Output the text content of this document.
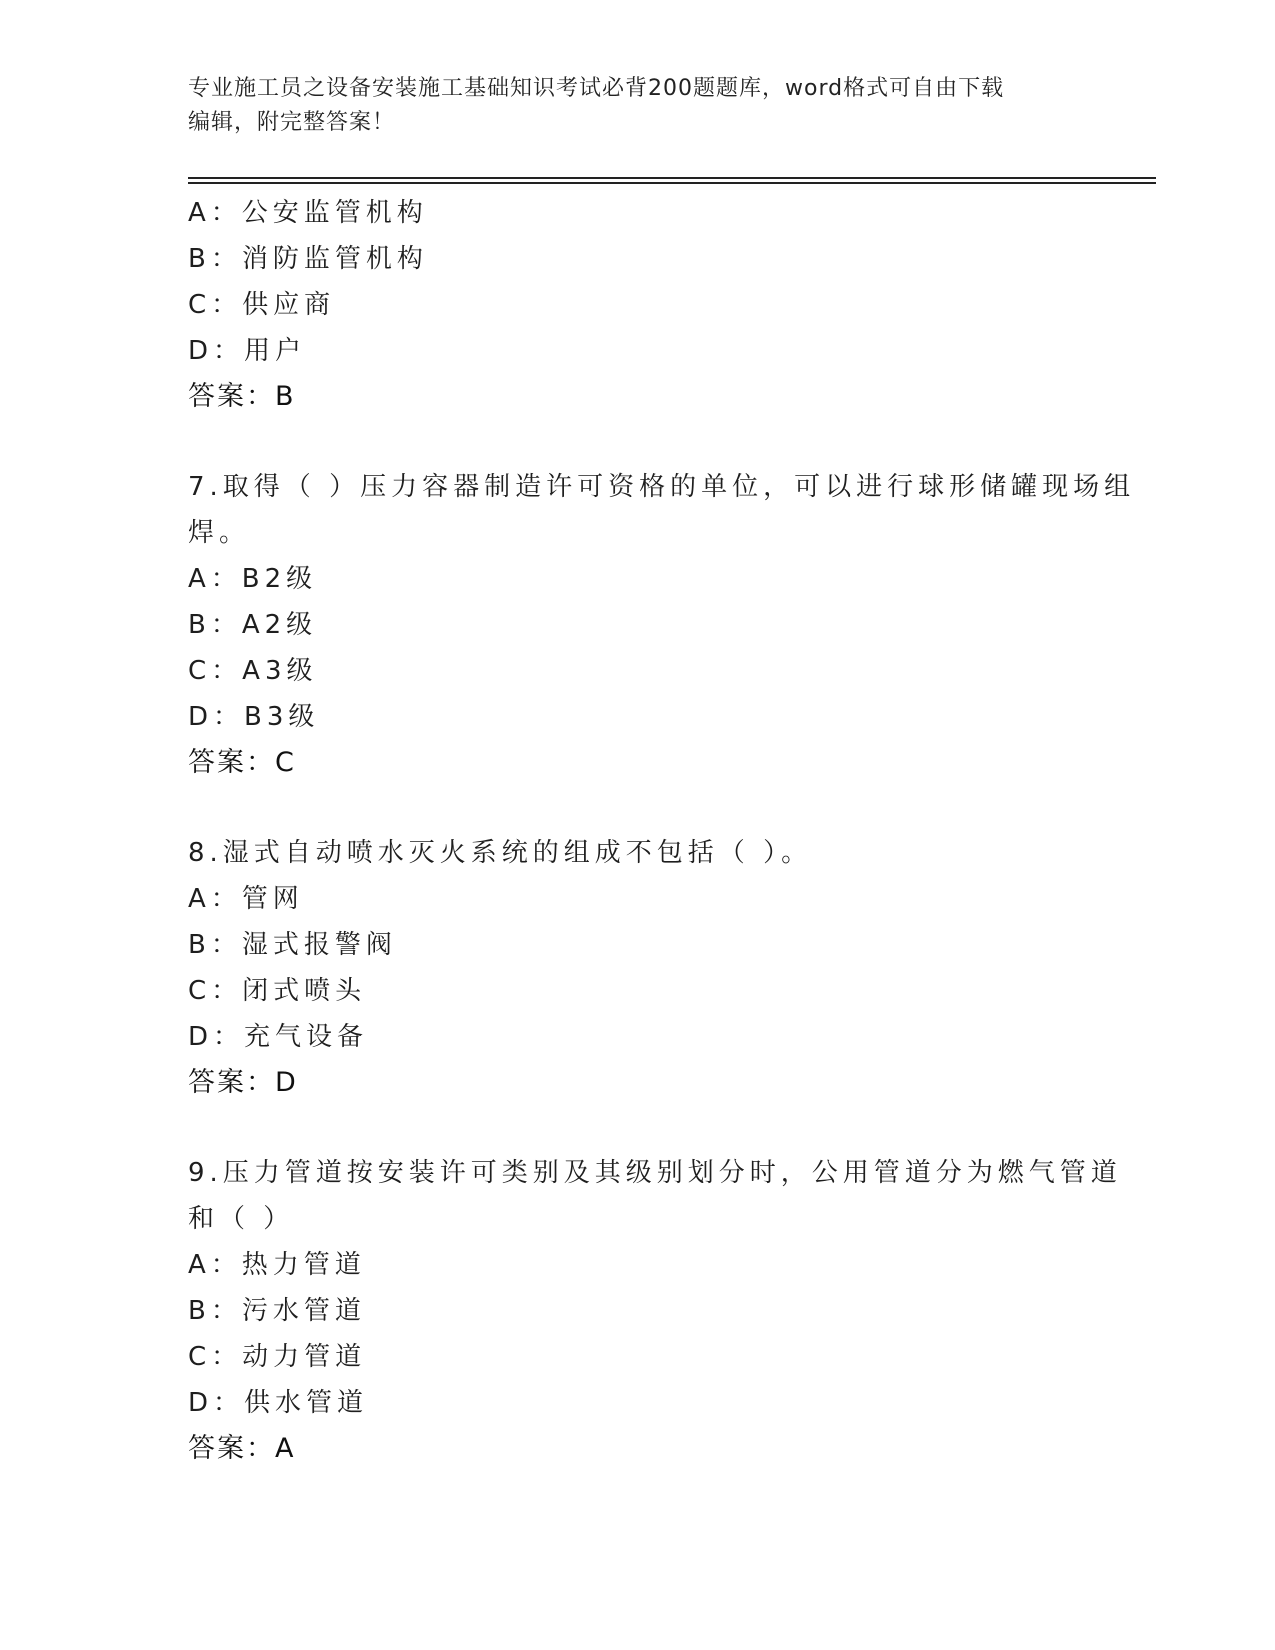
专业施工员之设备安装施工基础知识考试必背200题题库，word格式可自由下载
编辑，附完整答案！
A：公安监管机构
B：消防监管机构
C：供应商
D：用户
答案：B
7.取得（ ）压力容器制造许可资格的单位，可以进行球形储罐现场组
焊。
A：B2级
B：A2级
C：A3级
D：B3级
答案：C
8.湿式自动喷水灭火系统的组成不包括（ ）。
A：管网
B：湿式报警阀
C：闭式喷头
D：充气设备
答案：D
9.压力管道按安装许可类别及其级别划分时，公用管道分为燃气管道
和（ ）
A：热力管道
B：污水管道
C：动力管道
D：供水管道
答案：A
